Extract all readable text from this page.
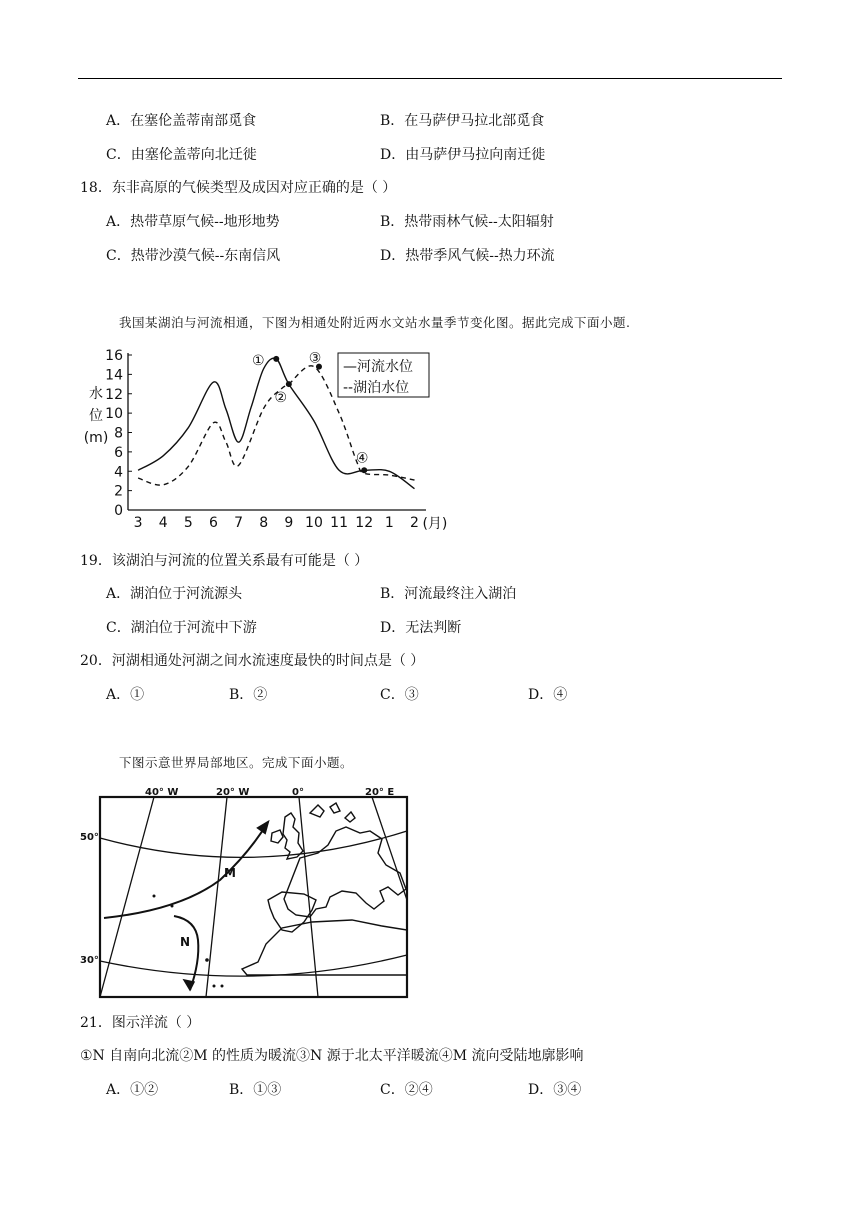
A．在塞伦盖蒂南部觅食	B．在马萨伊马拉北部觅食
C．由塞伦盖蒂向北迁徙	D．由马萨伊马拉向南迁徙
18．东非高原的气候类型及成因对应正确的是（ ）
A．热带草原气候--地形地势	B．热带雨林气候--太阳辐射
C．热带沙漠气候--东南信风	D．热带季风气候--热力环流
我国某湖泊与河流相通，下图为相通处附近两水文站水量季节变化图。据此完成下面小题.
0
2
4
6
8
10
12
14
16
3 4 5 6 7 8 9 10 11 12 1 2 (月)
水
位
(m)
①
②
③
④
—河流水位
--湖泊水位
19．该湖泊与河流的位置关系最有可能是（ ）
A．湖泊位于河流源头	B．河流最终注入湖泊
C．湖泊位于河流中下游	D．无法判断
20．河湖相通处河湖之间水流速度最快的时间点是（ ）
A．①	B．②	C．③	D．④
下图示意世界局部地区。完成下面小题。
40° W	20° W	0°	20° E
50°
30°
M
N
21．图示洋流（ ）
①N 自南向北流②M 的性质为暖流③N 源于北太平洋暖流④M 流向受陆地廓影响
A．①②	B．①③	C．②④	D．③④
